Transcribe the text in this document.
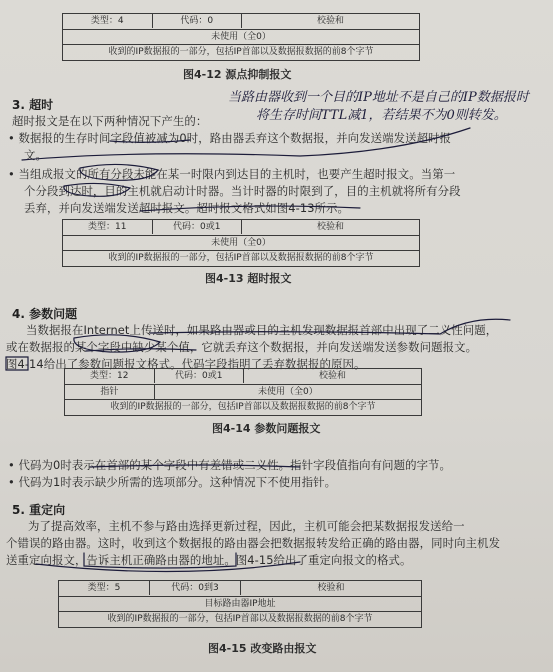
类型：4	代码：0	校验和
未使用（全0）
收到的IP数据报的一部分，包括IP首部以及数据报数据的前8个字节
图4-12 源点抑制报文
3. 超时
超时报文是在以下两种情况下产生的：
• 数据报的生存时间字段值被减为0时，路由器丢弃这个数据报，并向发送端发送超时报
文。
• 当组成报文的所有分段未能在某一时限内到达目的主机时，也要产生超时报文。当第一
个分段到达时，目的主机就启动计时器。当计时器的时限到了，目的主机就将所有分段
丢弃，并向发送端发送超时报文。超时报文格式如图4-13所示。
当路由器收到一个目的IP地址不是自己的IP数据报时
将生存时间TTL减1，若结果不为0则转发。
类型：11	代码：0或1	校验和
未使用（全0）
收到的IP数据报的一部分，包括IP首部以及数据报数据的前8个字节
图4-13 超时报文
4. 参数问题
当数据报在Internet上传送时，如果路由器或目的主机发现数据报首部中出现了二义性问题，
或在数据报的某个字段中缺少某个值，它就丢弃这个数据报，并向发送端发送参数问题报文。
图4-14给出了参数问题报文格式。代码字段指明了丢弃数据报的原因。
类型：12	代码：0或1	校验和
指针	未使用（全0）
收到的IP数据报的一部分，包括IP首部以及数据报数据的前8个字节
图4-14 参数问题报文
• 代码为0时表示在首部的某个字段中有差错或二义性。指针字段值指向有问题的字节。
• 代码为1时表示缺少所需的选项部分。这种情况下不使用指针。
5. 重定向
为了提高效率，主机不参与路由选择更新过程，因此，主机可能会把某数据报发送给一
个错误的路由器。这时，收到这个数据报的路由器会把数据报转发给正确的路由器，同时向主机发
送重定向报文，告诉主机正确路由器的地址。图4-15给出了重定向报文的格式。
类型：5	代码：0到3	校验和
目标路由器IP地址
收到的IP数据报的一部分，包括IP首部以及数据报数据的前8个字节
图4-15 改变路由报文
